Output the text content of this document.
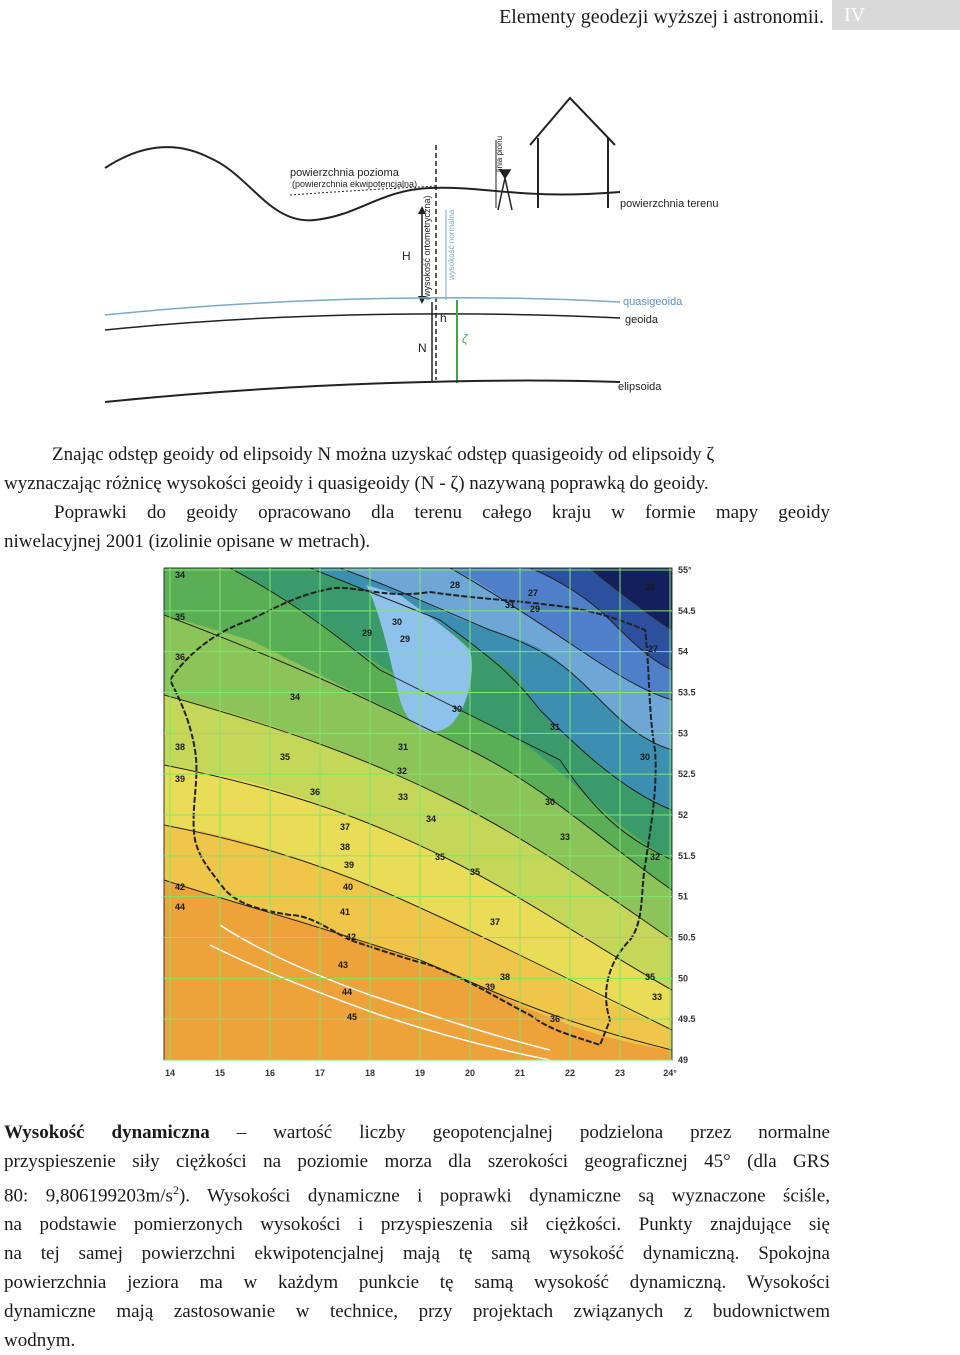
Elementy geodezji wyższej i astronomii.	IV
linia pionu
powierzchnia pozioma
(powierzchnia ekwipotencjalna)
powierzchnia terenu
(wysokość ortometryczna)
H	wysokość normalna
quasigeoida
geoida
h
N
ζ
elipsoida
Znając odstęp geoidy od elipsoidy N można uzyskać odstęp quasigeoidy od elipsoidy ζ
wyznaczając różnicę wysokości geoidy i quasigeoidy (N - ζ) nazywaną poprawką do geoidy.
Poprawki do geoidy opracowano dla terenu całego kraju w formie mapy geoidy
niwelacyjnej 2001 (izolinie opisane w metrach).
14	15	16	17	18	19	20	21	22	23	24°
55°
54.5
54
53.5
53
52.5
52
51.5
51
50.5
50
49.5
49
27
28
29
29
29
30
30
30
31
31
31
32
33
33
34
34
35
35
35
36
37
37
38
38
39
39
40
41
42
43
44
45
34
35
36
38
39
42
44
27
28
30
32
33
35
36
Wysokość dynamiczna – wartość liczby geopotencjalnej podzielona przez normalne
przyspieszenie siły ciężkości na poziomie morza dla szerokości geograficznej 45° (dla GRS
80: $9,806199203m/s^2$). Wysokości dynamiczne i poprawki dynamiczne są wyznaczone ściśle,
na podstawie pomierzonych wysokości i przyspieszenia sił ciężkości. Punkty znajdujące się
na tej samej powierzchni ekwipotencjalnej mają tę samą wysokość dynamiczną. Spokojna
powierzchnia jeziora ma w każdym punkcie tę samą wysokość dynamiczną. Wysokości
dynamiczne mają zastosowanie w technice, przy projektach związanych z budownictwem
wodnym.
